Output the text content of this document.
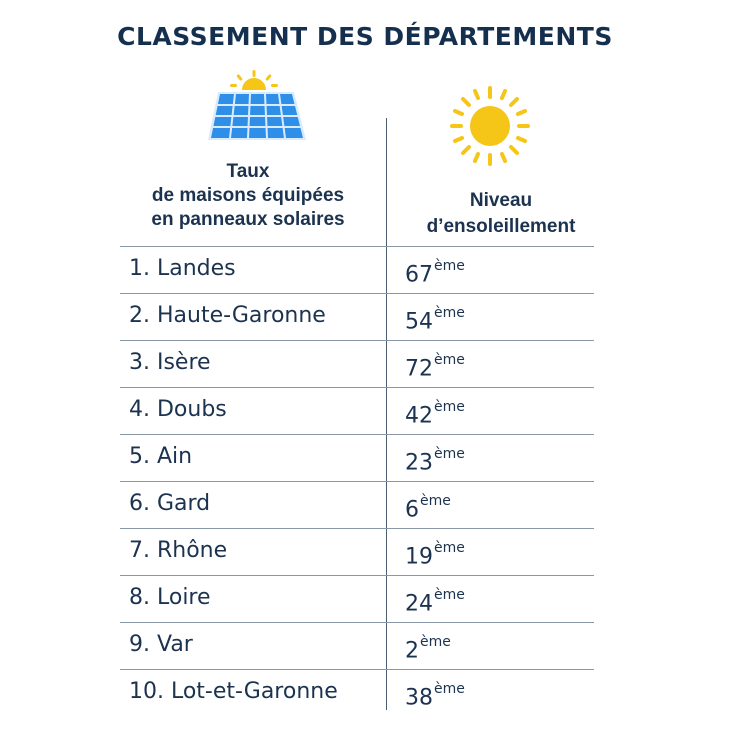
CLASSEMENT DES DÉPARTEMENTS
Taux
de maisons équipées
en panneaux solaires
Niveau
d’ensoleillement
1. Landes	67ème
2. Haute-Garonne	54ème
3. Isère	72ème
4. Doubs	42ème
5. Ain	23ème
6. Gard	6ème
7. Rhône	19ème
8. Loire	24ème
9. Var	2ème
10. Lot-et-Garonne	38ème
